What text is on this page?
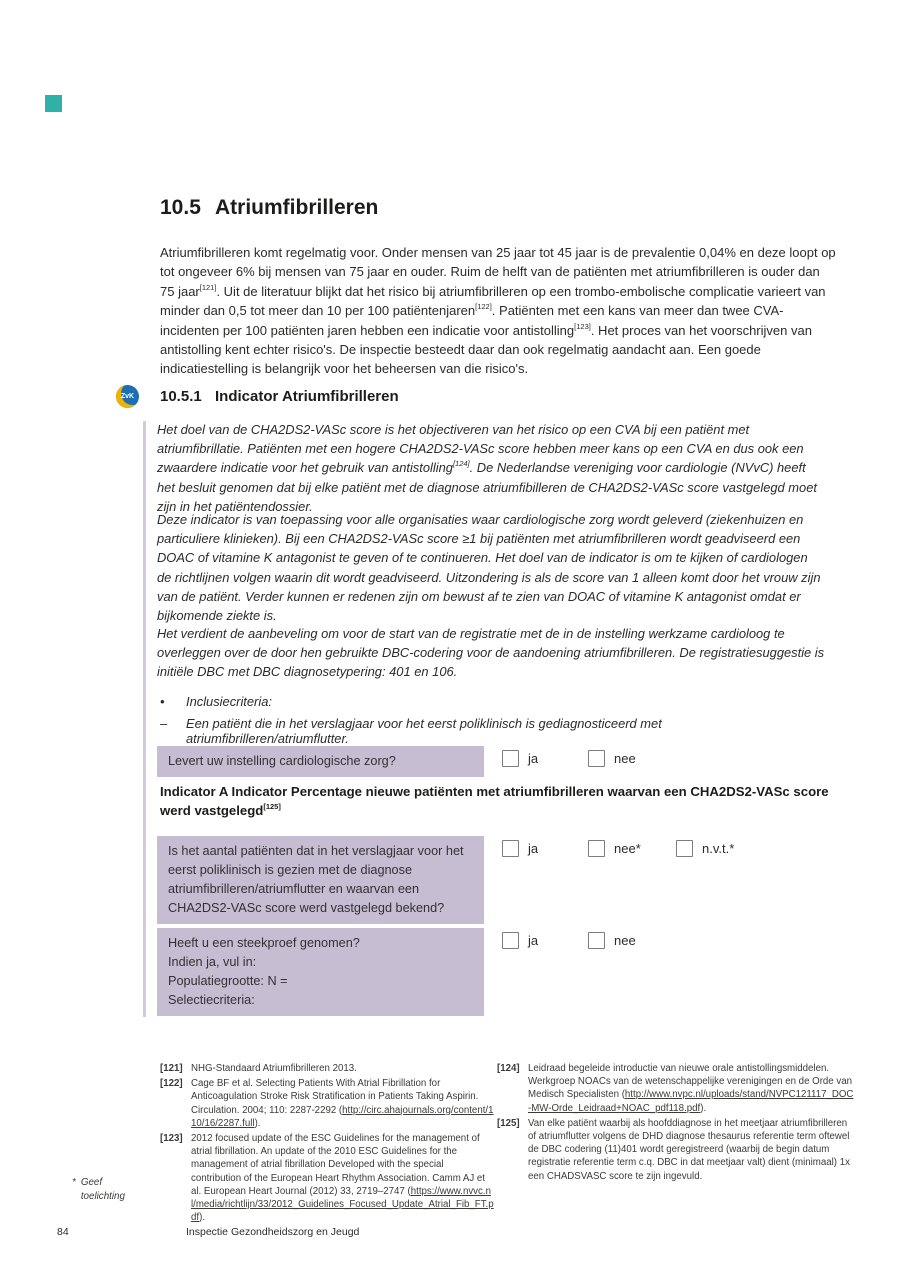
10.5 Atriumfibrilleren

Atriumfibrilleren komt regelmatig voor. Onder mensen van 25 jaar tot 45 jaar is de prevalentie 0,04% en deze loopt op tot ongeveer 6% bij mensen van 75 jaar en ouder. Ruim de helft van de patiënten met atriumfibrilleren is ouder dan 75 jaar[121]. Uit de literatuur blijkt dat het risico bij atriumfibrilleren op een trombo-embolische complicatie varieert van minder dan 0,5 tot meer dan 10 per 100 patiëntenjaren[122]. Patiënten met een kans van meer dan twee CVA-incidenten per 100 patiënten jaren hebben een indicatie voor antistolling[123]. Het proces van het voorschrijven van antistolling kent echter risico's. De inspectie besteedt daar dan ook regelmatig aandacht aan. Een goede indicatiestelling is belangrijk voor het beheersen van die risico's.

ZvK 10.5.1 Indicator Atriumfibrilleren

Het doel van de CHA2DS2-VASc score is het objectiveren van het risico op een CVA bij een patiënt met atriumfibrillatie. Patiënten met een hogere CHA2DS2-VASc score hebben meer kans op een CVA en dus ook een zwaardere indicatie voor het gebruik van antistolling[124]. De Nederlandse vereniging voor cardiologie (NVvC) heeft het besluit genomen dat bij elke patiënt met de diagnose atriumfibilleren de CHA2DS2-VASc score vastgelegd moet zijn in het patiëntendossier.

Deze indicator is van toepassing voor alle organisaties waar cardiologische zorg wordt geleverd (ziekenhuizen en particuliere klinieken). Bij een CHA2DS2-VASc score ≥1 bij patiënten met atriumfibrilleren wordt geadviseerd een DOAC of vitamine K antagonist te geven of te continueren. Het doel van de indicator is om te kijken of cardiologen de richtlijnen volgen waarin dit wordt geadviseerd. Uitzondering is als de score van 1 alleen komt door het vrouw zijn van de patiënt. Verder kunnen er redenen zijn om bewust af te zien van DOAC of vitamine K antagonist omdat er bijkomende ziekte is.

Het verdient de aanbeveling om voor de start van de registratie met de in de instelling werkzame cardioloog te overleggen over de door hen gebruikte DBC-codering voor de aandoening atriumfibrilleren. De registratiesuggestie is initiële DBC met DBC diagnosetypering: 401 en 106.

•	Inclusiecriteria:
–	Een patiënt die in het verslagjaar voor het eerst poliklinisch is gediagnosticeerd met atriumfibrilleren/atriumflutter.
Levert uw instelling cardiologische zorg?	ja	nee
Indicator A Indicator Percentage nieuwe patiënten met atriumfibrilleren waarvan een CHA2DS2-VASc score werd vastgelegd[125]
Is het aantal patiënten dat in het verslagjaar voor het
eerst poliklinisch is gezien met de diagnose
atriumfibrilleren/atriumflutter en waarvan een
CHA2DS2-VASc score werd vastgelegd bekend?
ja	nee*	n.v.t.*
Heeft u een steekproef genomen?
Indien ja, vul in:
Populatiegrootte: N =
Selectiecriteria:
ja	nee
[121] NHG-Standaard Atriumfibrilleren 2013.
[122] Cage BF et al. Selecting Patients With Atrial Fibrillation for Anticoagulation Stroke Risk Stratification in Patients Taking Aspirin. Circulation. 2004; 110: 2287-2292 (http://circ.ahajournals.org/content/110/16/2287.full).
[123] 2012 focused update of the ESC Guidelines for the management of atrial fibrillation. An update of the 2010 ESC Guidelines for the management of atrial fibrillation Developed with the special contribution of the European Heart Rhythm Association. Camm AJ et al. European Heart Journal (2012) 33, 2719–2747 (https://www.nvvc.nl/media/richtlijn/33/2012_Guidelines_Focused_Update_Atrial_Fib_FT.pdf).
[124] Leidraad begeleide introductie van nieuwe orale antistollingsmiddelen. Werkgroep NOACs van de wetenschappelijke verenigingen en de Orde van Medisch Specialisten (http://www.nvpc.nl/uploads/stand/NVPC121117_DOC-MW-Orde_Leidraad+NOAC_pdf118.pdf).
[125] Van elke patiënt waarbij als hoofddiagnose in het meetjaar atriumfibrilleren of atriumflutter volgens de DHD diagnose thesaurus referentie term oftewel de DBC codering (11)401 wordt geregistreerd (waarbij de begin datum registratie referentie term c.q. DBC in dat meetjaar valt) dient (minimaal) 1x een CHADSVASC score te zijn ingevuld.
* Geef
toelichting
84	Inspectie Gezondheidszorg en Jeugd
